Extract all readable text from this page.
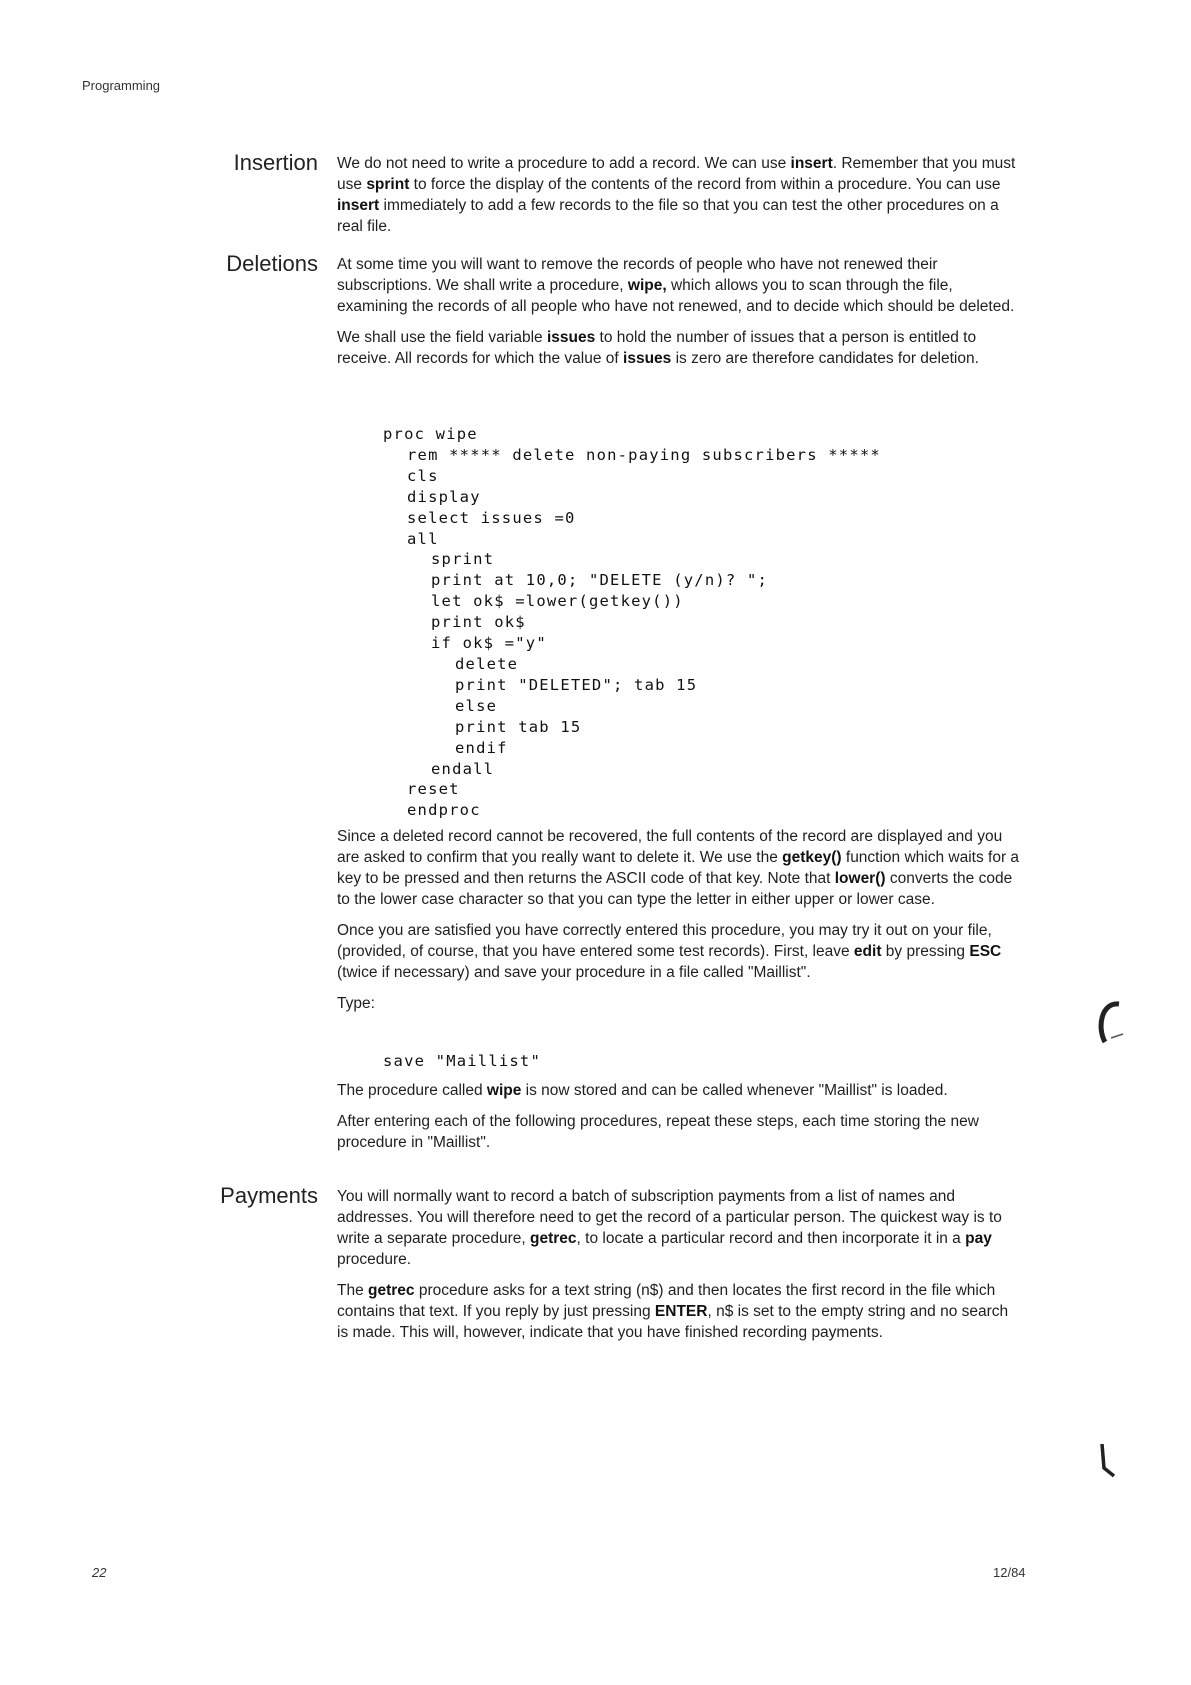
Programming
Insertion We do not need to write a procedure to add a record. We can use insert. Remember that you must use sprint to force the display of the contents of the record from within a procedure. You can use insert immediately to add a few records to the file so that you can test the other procedures on a real file.

Deletions At some time you will want to remove the records of people who have not renewed their subscriptions. We shall write a procedure, wipe, which allows you to scan through the file, examining the records of all people who have not renewed, and to decide which should be deleted.

We shall use the field variable issues to hold the number of issues that a person is entitled to receive. All records for which the value of issues is zero are therefore candidates for deletion.

proc wipe
rem ***** delete non-paying subscribers *****
cls
display
select issues =0
all
sprint
print at 10,0; "DELETE (y/n)? ";
let ok$ =lower(getkey())
print ok$
if ok$ ="y"
delete
print "DELETED"; tab 15
else
print tab 15
endif
endall
reset
endproc

Since a deleted record cannot be recovered, the full contents of the record are displayed and you are asked to confirm that you really want to delete it. We use the getkey() function which waits for a key to be pressed and then returns the ASCII code of that key. Note that lower() converts the code to the lower case character so that you can type the letter in either upper or lower case.

Once you are satisfied you have correctly entered this procedure, you may try it out on your file, (provided, of course, that you have entered some test records). First, leave edit by pressing ESC (twice if necessary) and save your procedure in a file called "Maillist".

Type:

save "Maillist"

The procedure called wipe is now stored and can be called whenever "Maillist" is loaded.

After entering each of the following procedures, repeat these steps, each time storing the new procedure in "Maillist".

Payments You will normally want to record a batch of subscription payments from a list of names and addresses. You will therefore need to get the record of a particular person. The quickest way is to write a separate procedure, getrec, to locate a particular record and then incorporate it in a pay procedure.

The getrec procedure asks for a text string (n$) and then locates the first record in the file which contains that text. If you reply by just pressing ENTER, n$ is set to the empty string and no search is made. This will, however, indicate that you have finished recording payments.

22	12/84
